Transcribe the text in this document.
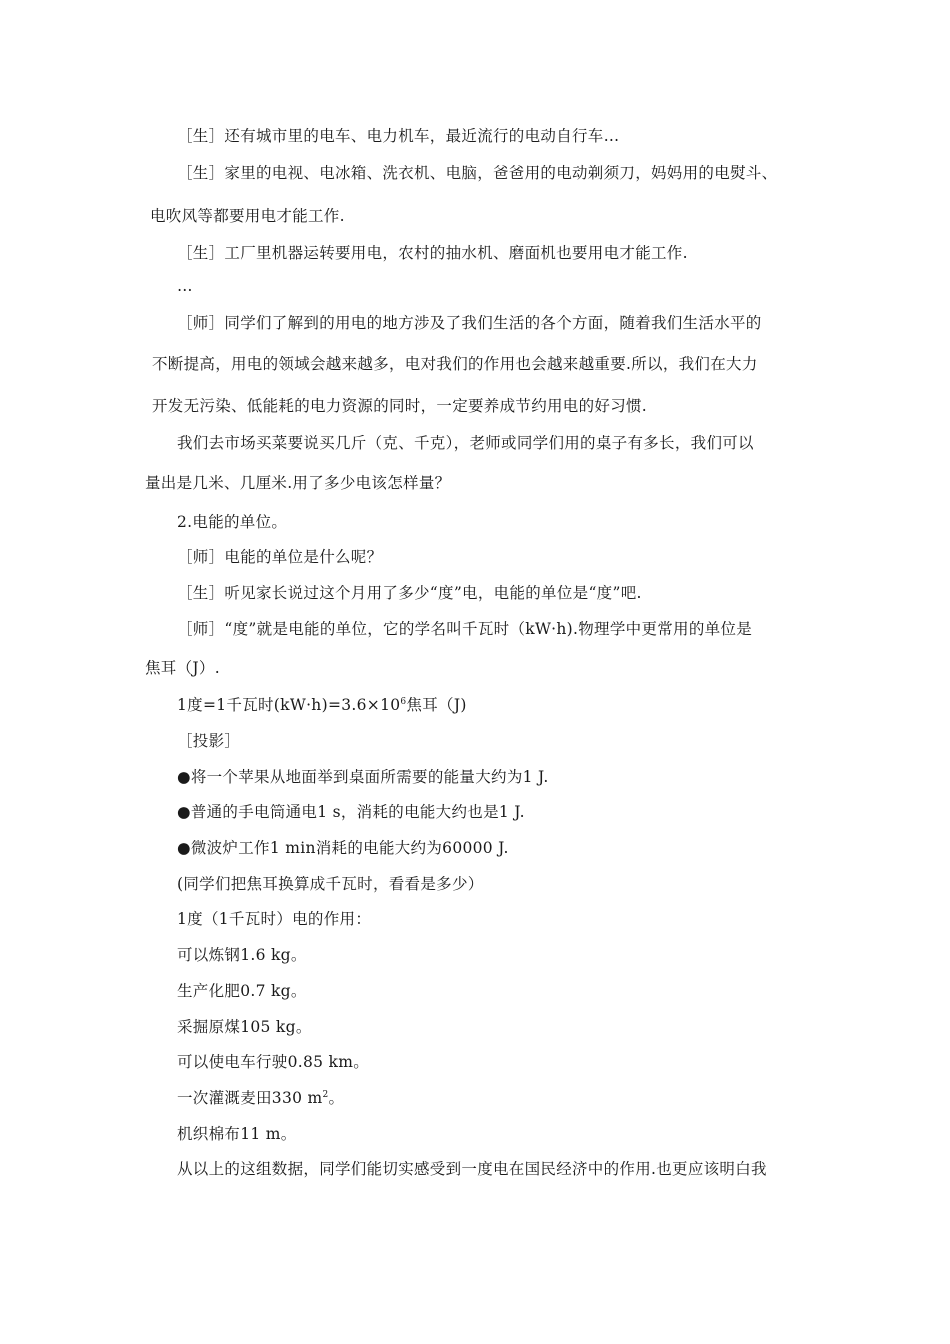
［生］还有城市里的电车、电力机车，最近流行的电动自行车…
［生］家里的电视、电冰箱、洗衣机、电脑，爸爸用的电动剃须刀，妈妈用的电熨斗、
电吹风等都要用电才能工作.
［生］工厂里机器运转要用电，农村的抽水机、磨面机也要用电才能工作.
…
［师］同学们了解到的用电的地方涉及了我们生活的各个方面，随着我们生活水平的
不断提高，用电的领域会越来越多，电对我们的作用也会越来越重要.所以，我们在大力
开发无污染、低能耗的电力资源的同时，一定要养成节约用电的好习惯.
我们去市场买菜要说买几斤（克、千克），老师或同学们用的桌子有多长，我们可以
量出是几米、几厘米.用了多少电该怎样量？
2.电能的单位。
［师］电能的单位是什么呢？
［生］听见家长说过这个月用了多少“度”电，电能的单位是“度”吧.
［师］“度”就是电能的单位，它的学名叫千瓦时（kW·h).物理学中更常用的单位是
焦耳（J）.
1度=1千瓦时$(kW\cdot h)=3.6\times 10^6$焦耳（J)
［投影］
●将一个苹果从地面举到桌面所需要的能量大约为1 J.
●普通的手电筒通电1 s，消耗的电能大约也是1 J.
●微波炉工作1 min消耗的电能大约为60000 J.
(同学们把焦耳换算成千瓦时，看看是多少）
1度（1千瓦时）电的作用：
可以炼钢1.6 kg。
生产化肥0.7 kg。
采掘原煤105 kg。
可以使电车行驶0.85 km。
一次灌溉麦田330 $m^2$。
机织棉布11 m。
从以上的这组数据，同学们能切实感受到一度电在国民经济中的作用.也更应该明白我
